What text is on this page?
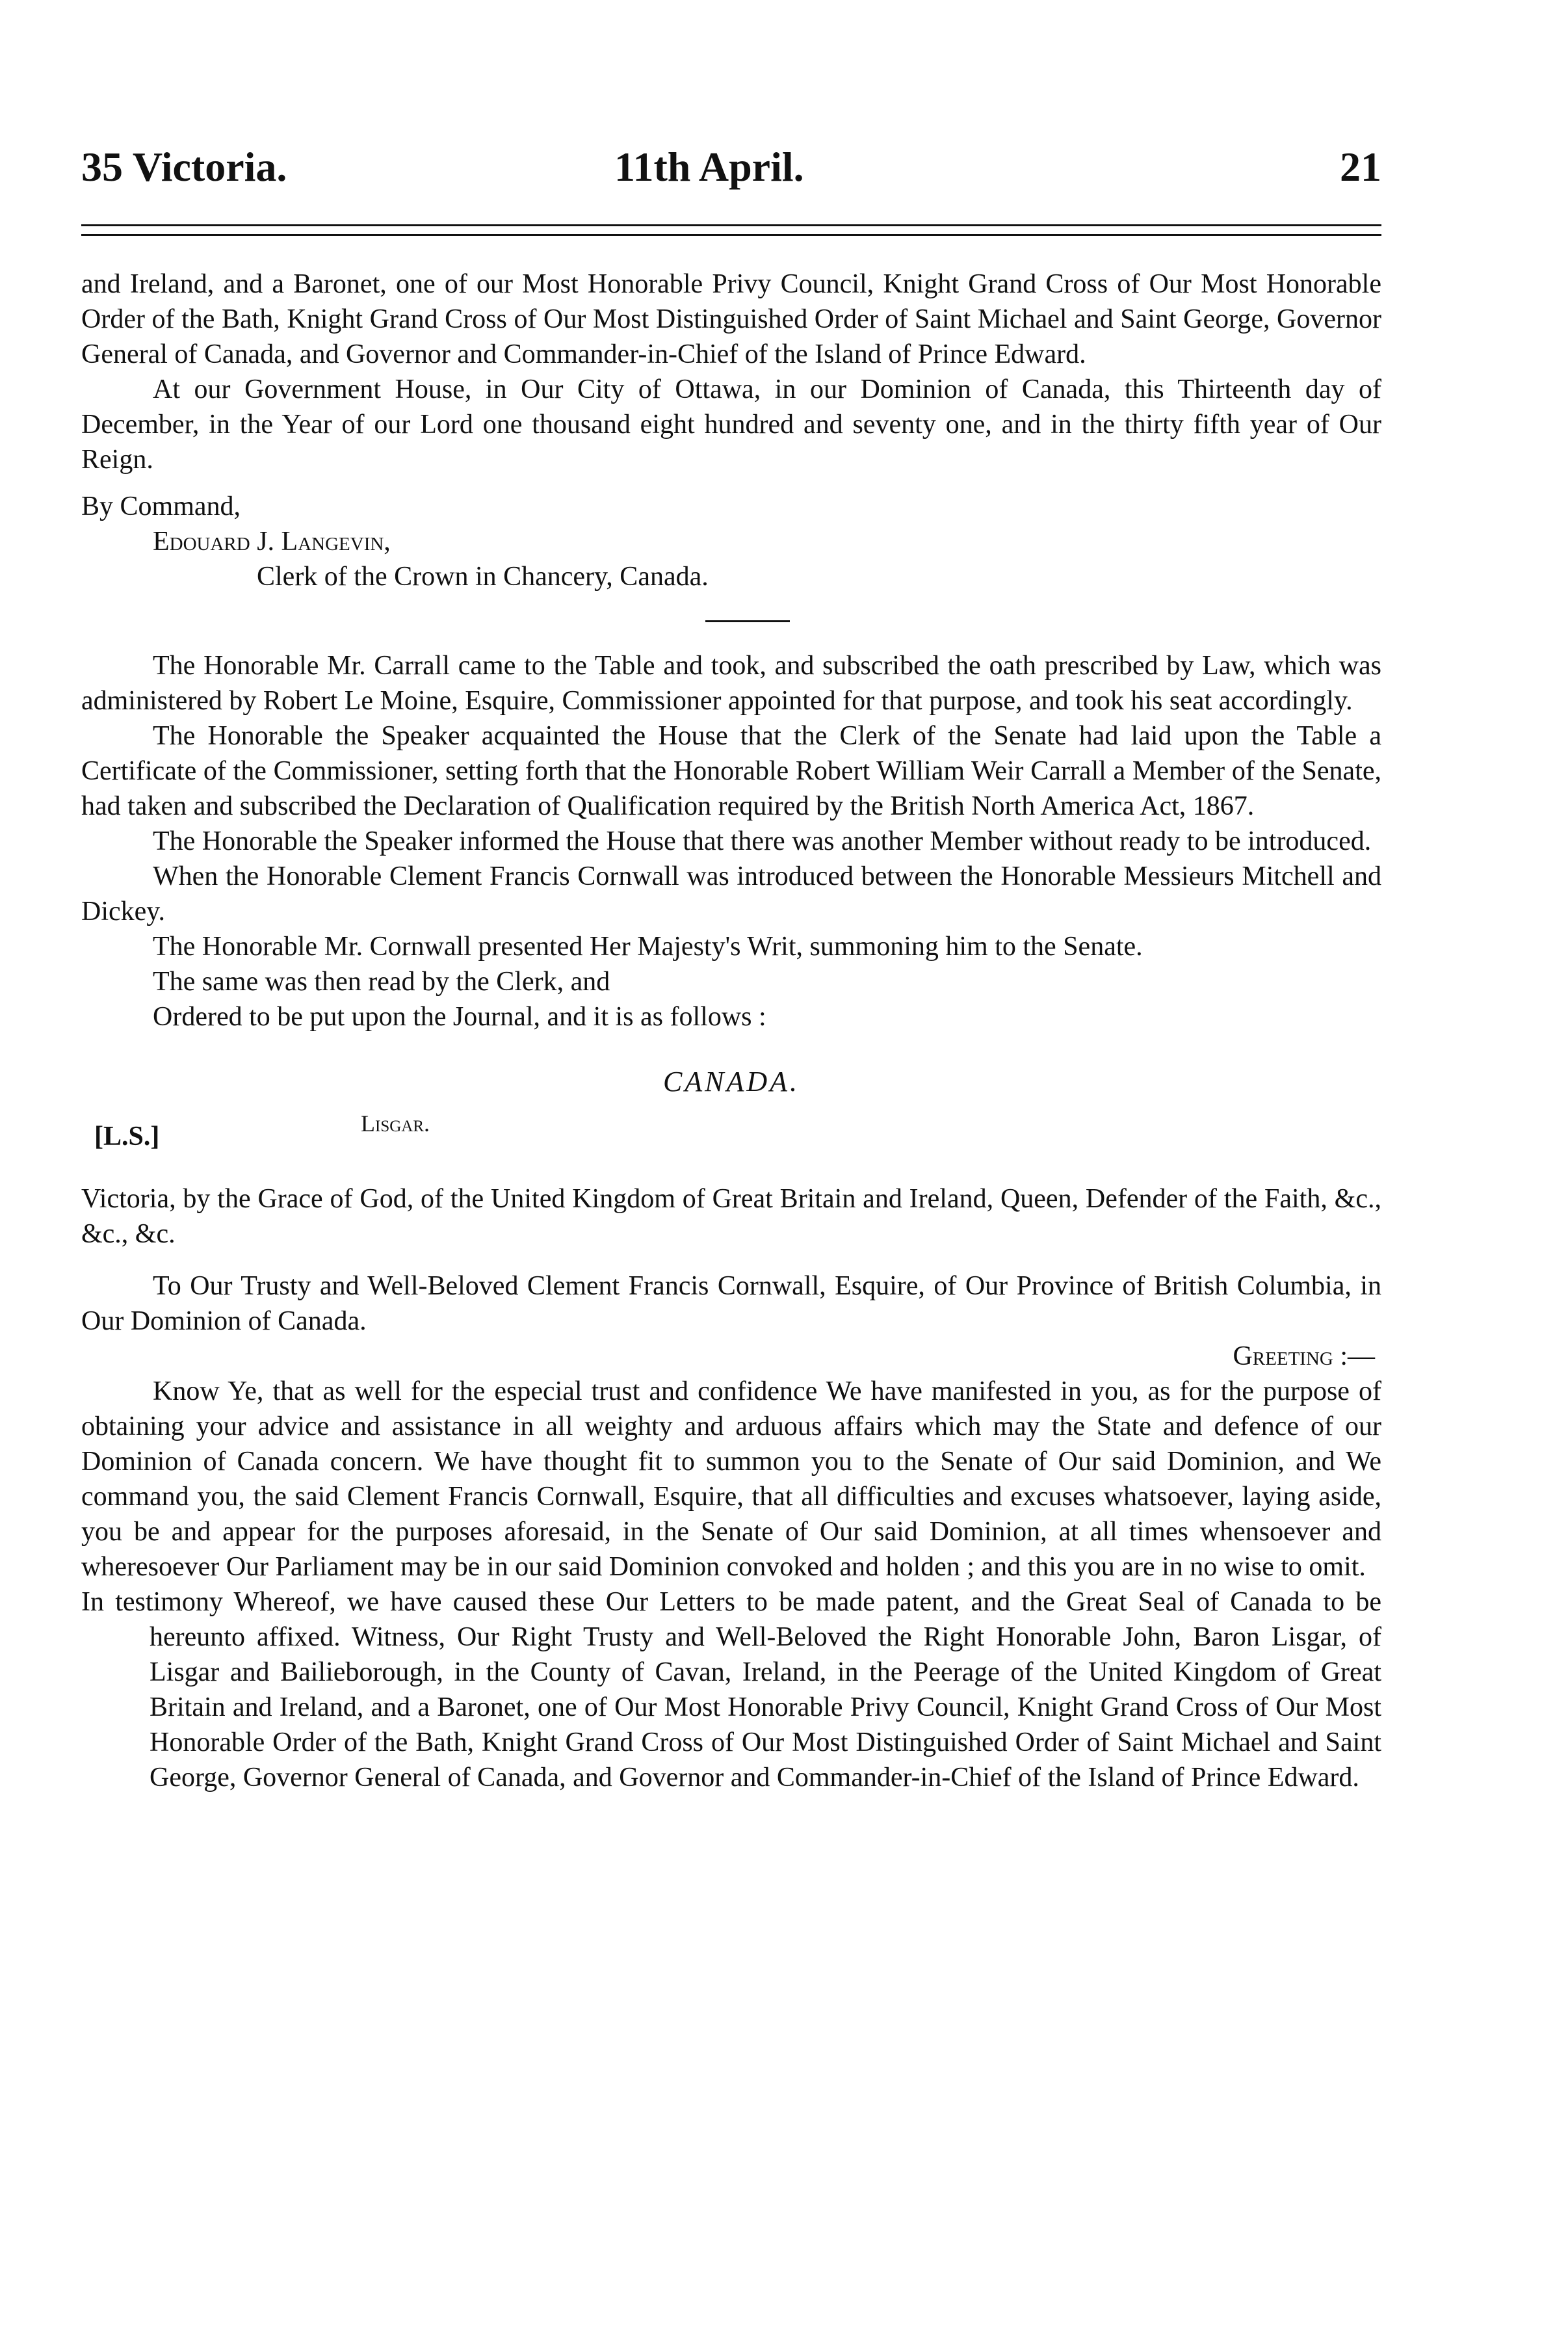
35 Victoria.	11th April.	21

and Ireland, and a Baronet, one of our Most Honorable Privy Council, Knight Grand Cross of Our Most Honorable Order of the Bath, Knight Grand Cross of Our Most Distinguished Order of Saint Michael and Saint George, Governor General of Canada, and Governor and Commander-in-Chief of the Island of Prince Edward.

At our Government House, in Our City of Ottawa, in our Dominion of Canada, this Thirteenth day of December, in the Year of our Lord one thousand eight hundred and seventy one, and in the thirty fifth year of Our Reign.

By Command,
Edouard J. Langevin,
Clerk of the Crown in Chancery, Canada.

The Honorable Mr. Carrall came to the Table and took, and subscribed the oath prescribed by Law, which was administered by Robert Le Moine, Esquire, Commissioner appointed for that purpose, and took his seat accordingly.

The Honorable the Speaker acquainted the House that the Clerk of the Senate had laid upon the Table a Certificate of the Commissioner, setting forth that the Honorable Robert William Weir Carrall a Member of the Senate, had taken and subscribed the Declaration of Qualification required by the British North America Act, 1867.

The Honorable the Speaker informed the House that there was another Member without ready to be introduced.

When the Honorable Clement Francis Cornwall was introduced between the Honorable Messieurs Mitchell and Dickey.

The Honorable Mr. Cornwall presented Her Majesty's Writ, summoning him to the Senate.

The same was then read by the Clerk, and

Ordered to be put upon the Journal, and it is as follows :

CANADA.
[L.S.]	Lisgar.

Victoria, by the Grace of God, of the United Kingdom of Great Britain and Ireland, Queen, Defender of the Faith, &c., &c., &c.

To Our Trusty and Well-Beloved Clement Francis Cornwall, Esquire, of Our Province of British Columbia, in Our Dominion of Canada.

Greeting :—

Know Ye, that as well for the especial trust and confidence We have manifested in you, as for the purpose of obtaining your advice and assistance in all weighty and arduous affairs which may the State and defence of our Dominion of Canada concern. We have thought fit to summon you to the Senate of Our said Dominion, and We command you, the said Clement Francis Cornwall, Esquire, that all difficulties and excuses whatsoever, laying aside, you be and appear for the purposes aforesaid, in the Senate of Our said Dominion, at all times whensoever and wheresoever Our Parliament may be in our said Dominion convoked and holden ; and this you are in no wise to omit.

In testimony Whereof, we have caused these Our Letters to be made patent, and the Great Seal of Canada to be hereunto affixed. Witness, Our Right Trusty and Well-Beloved the Right Honorable John, Baron Lisgar, of Lisgar and Bailieborough, in the County of Cavan, Ireland, in the Peerage of the United Kingdom of Great Britain and Ireland, and a Baronet, one of Our Most Honorable Privy Council, Knight Grand Cross of Our Most Honorable Order of the Bath, Knight Grand Cross of Our Most Distinguished Order of Saint Michael and Saint George, Governor General of Canada, and Governor and Commander-in-Chief of the Island of Prince Edward.
